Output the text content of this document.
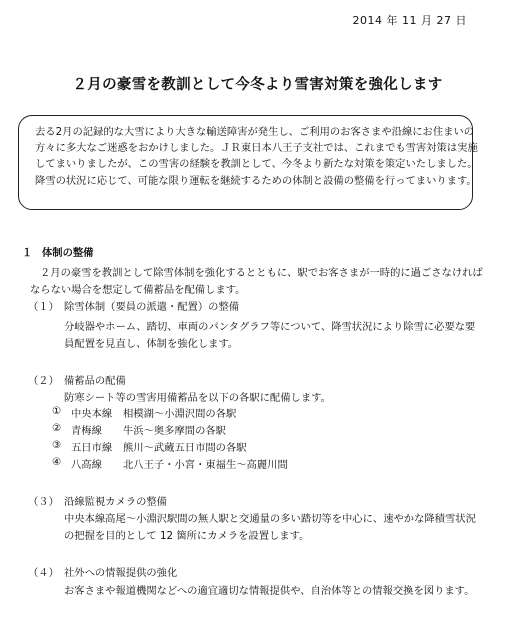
2014 年 11 月 27 日
２月の豪雪を教訓として今冬より雪害対策を強化します
去る2月の記録的な大雪により大きな輸送障害が発生し、ご利用のお客さまや沿線にお住まいの
方々に多大なご迷惑をおかけしました。ＪＲ東日本八王子支社では、これまでも雪害対策は実施
してまいりましたが、この雪害の経験を教訓として、今冬より新たな対策を策定いたしました。
降雪の状況に応じて、可能な限り運転を継続するための体制と設備の整備を行ってまいります。
１ 体制の整備
２月の豪雪を教訓として除雪体制を強化するとともに、駅でお客さまが一時的に過ごさなければ
ならない場合を想定して備蓄品を配備します。
（１） 除雪体制（要員の派遣・配置）の整備
分岐器やホーム、踏切、車両のパンタグラフ等について、降雪状況により除雪に必要な要
員配置を見直し、体制を強化します。
（２） 備蓄品の配備
防寒シート等の雪害用備蓄品を以下の各駅に配備します。
① 中央本線 相模湖～小淵沢間の各駅
② 青梅線 牛浜～奥多摩間の各駅
③ 五日市線 熊川～武蔵五日市間の各駅
④ 八高線 北八王子・小宮・東福生～高麗川間
（３） 沿線監視カメラの整備
中央本線高尾～小淵沢駅間の無人駅と交通量の多い踏切等を中心に、速やかな降積雪状況
の把握を目的として 12 箇所にカメラを設置します。
（４） 社外への情報提供の強化
お客さまや報道機関などへの適宜適切な情報提供や、自治体等との情報交換を図ります。
